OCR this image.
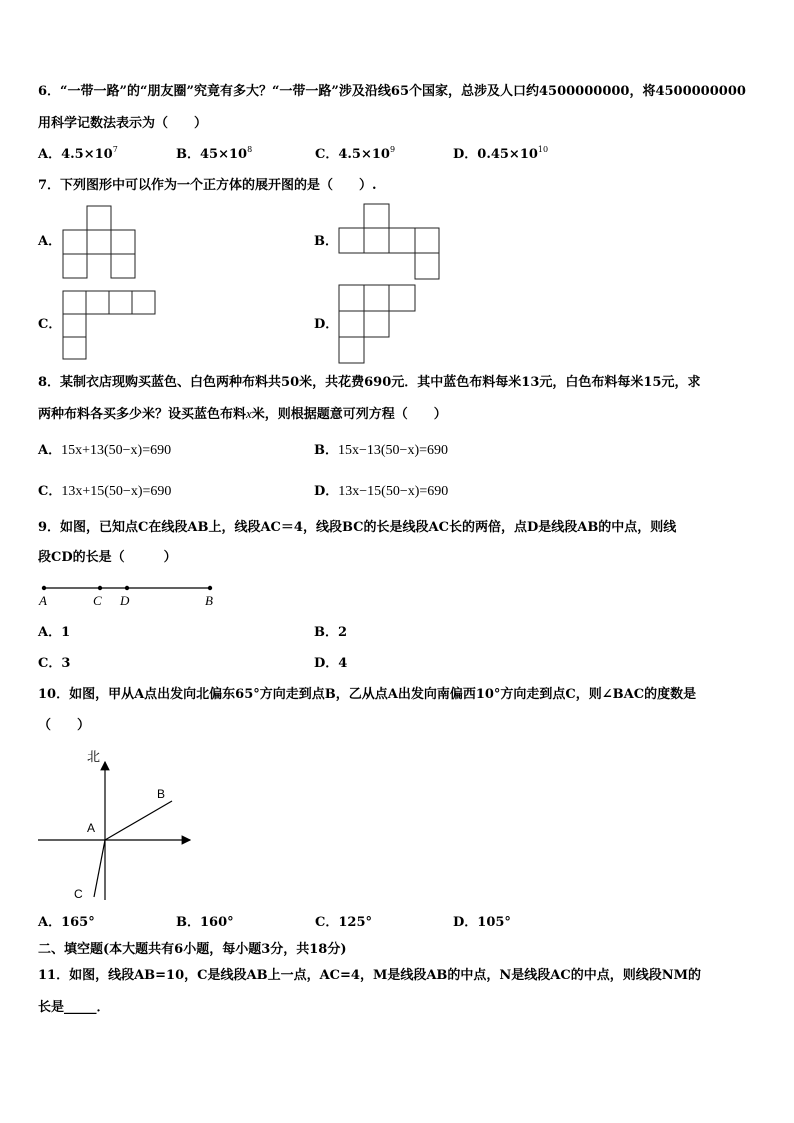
6．“一带一路”的“朋友圈”究竟有多大？“一带一路”涉及沿线65个国家，总涉及人口约4500000000，将4500000000
用科学记数法表示为（　　）
A．$4.5\times 10^7$	B．$45\times 10^8$	C．$4.5\times 10^9$	D．$0.45\times 10^{10}$
7．下列图形中可以作为一个正方体的展开图的是（　　）.
A．	B．
C．	D．
8．某制衣店现购买蓝色、白色两种布料共50米，共花费690元．其中蓝色布料每米13元，白色布料每米15元，求
两种布料各买多少米？设买蓝色布料x米，则根据题意可列方程（　　）
A．15x+13(50−x)=690	B．15x−13(50−x)=690
C．13x+15(50−x)=690	D．13x−15(50−x)=690
9．如图，已知点C在线段AB上，线段AC＝4，线段BC的长是线段AC长的两倍，点D是线段AB的中点，则线
段CD的长是（　　　）
A	C D	B
A．1	B．2
C．3	D．4
10．如图，甲从A点出发向北偏东65°方向走到点B，乙从点A出发向南偏西10°方向走到点C，则∠BAC的度数是
（　　）
北
A
B
C
A．165°	B．160°	C．125°	D．105°
二、填空题(本大题共有6小题，每小题3分，共18分)
11．如图，线段AB=10，C是线段AB上一点，AC=4，M是线段AB的中点，N是线段AC的中点，则线段NM的
长是_____．
